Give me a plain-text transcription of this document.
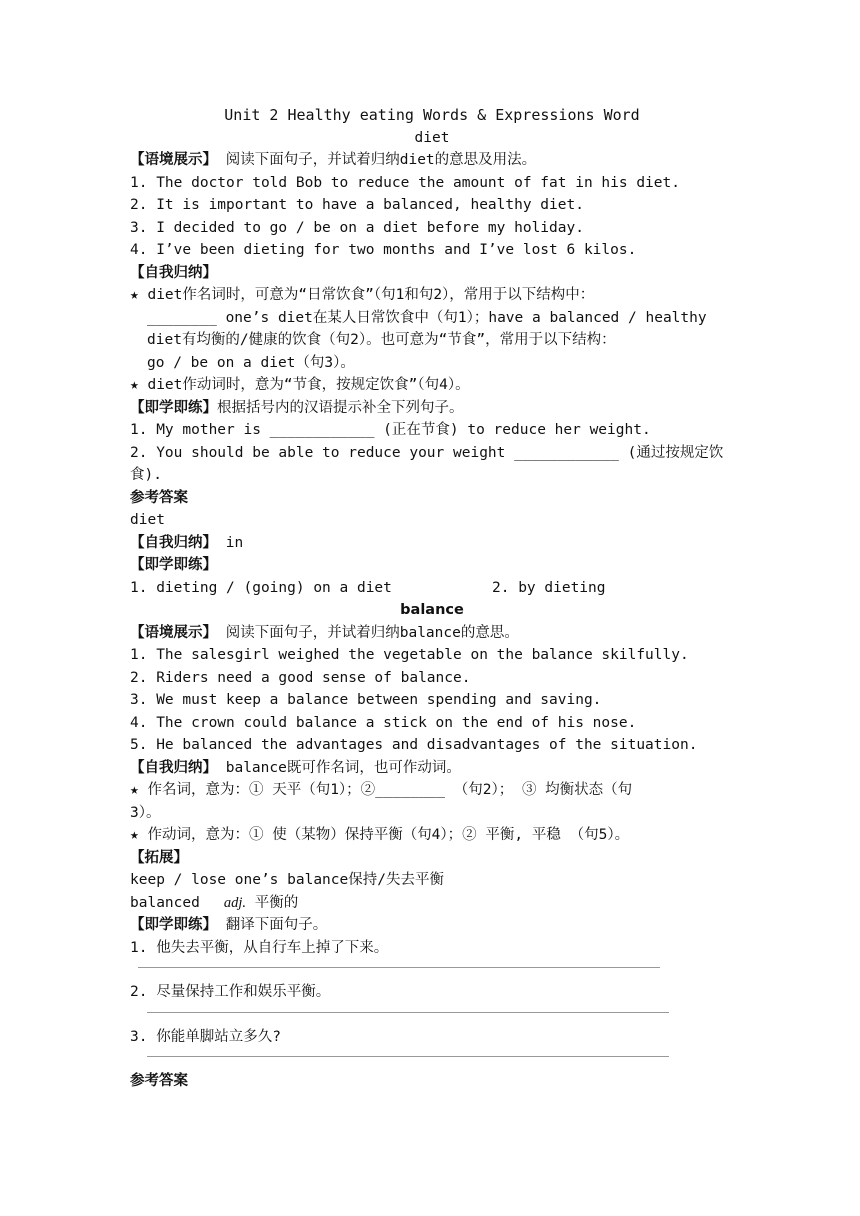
Unit 2 Healthy eating Words & Expressions Word
diet
【语境展示】 阅读下面句子，并试着归纳diet的意思及用法。
1. The doctor told Bob to reduce the amount of fat in his diet.
2. It is important to have a balanced, healthy diet.
3. I decided to go / be on a diet before my holiday.
4. I’ve been dieting for two months and I’ve lost 6 kilos.
【自我归纳】
★ diet作名词时，可意为“日常饮食”（句1和句2），常用于以下结构中：
________ one’s diet在某人日常饮食中（句1）；have a balanced / healthy
diet有均衡的/健康的饮食（句2）。也可意为“节食”，常用于以下结构：
go / be on a diet（句3）。
★ diet作动词时，意为“节食，按规定饮食”（句4）。
【即学即练】根据括号内的汉语提示补全下列句子。
1. My mother is ____________ (正在节食) to reduce her weight.
2. You should be able to reduce your weight ____________ (通过按规定饮食).
参考答案
diet
【自我归纳】 in
【即学即练】
1. dieting / (going) on a diet	2. by dieting
balance
【语境展示】 阅读下面句子，并试着归纳balance的意思。
1. The salesgirl weighed the vegetable on the balance skilfully.
2. Riders need a good sense of balance.
3. We must keep a balance between spending and saving.
4. The crown could balance a stick on the end of his nose.
5. He balanced the advantages and disadvantages of the situation.
【自我归纳】 balance既可作名词，也可作动词。
★ 作名词，意为：① 天平（句1）；②________ （句2）； ③ 均衡状态（句
3）。
★ 作动词，意为：① 使（某物）保持平衡（句4）；② 平衡, 平稳 （句5）。
【拓展】
keep / lose one’s balance保持/失去平衡
balanced adj. 平衡的
【即学即练】 翻译下面句子。
1. 他失去平衡，从自行车上掉了下来。
2. 尽量保持工作和娱乐平衡。
3. 你能单脚站立多久?
参考答案
